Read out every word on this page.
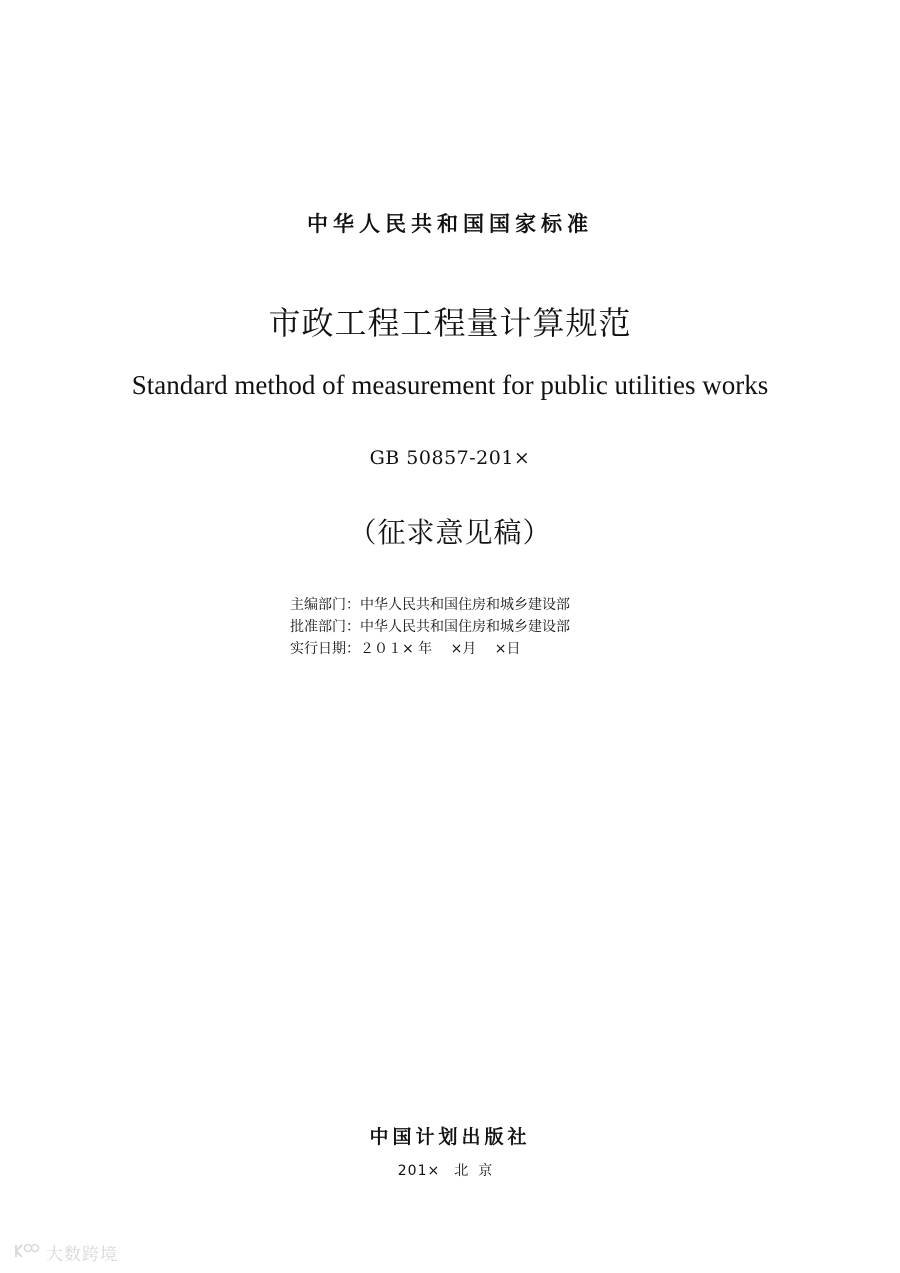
中华人民共和国国家标准
市政工程工程量计算规范
Standard method of measurement for public utilities works
GB 50857-201×
（征求意见稿）
主编部门：中华人民共和国住房和城乡建设部
批准部门：中华人民共和国住房和城乡建设部
实行日期：２０１× 年　 ×月　 ×日
中国计划出版社
201× 北京
大数跨境
